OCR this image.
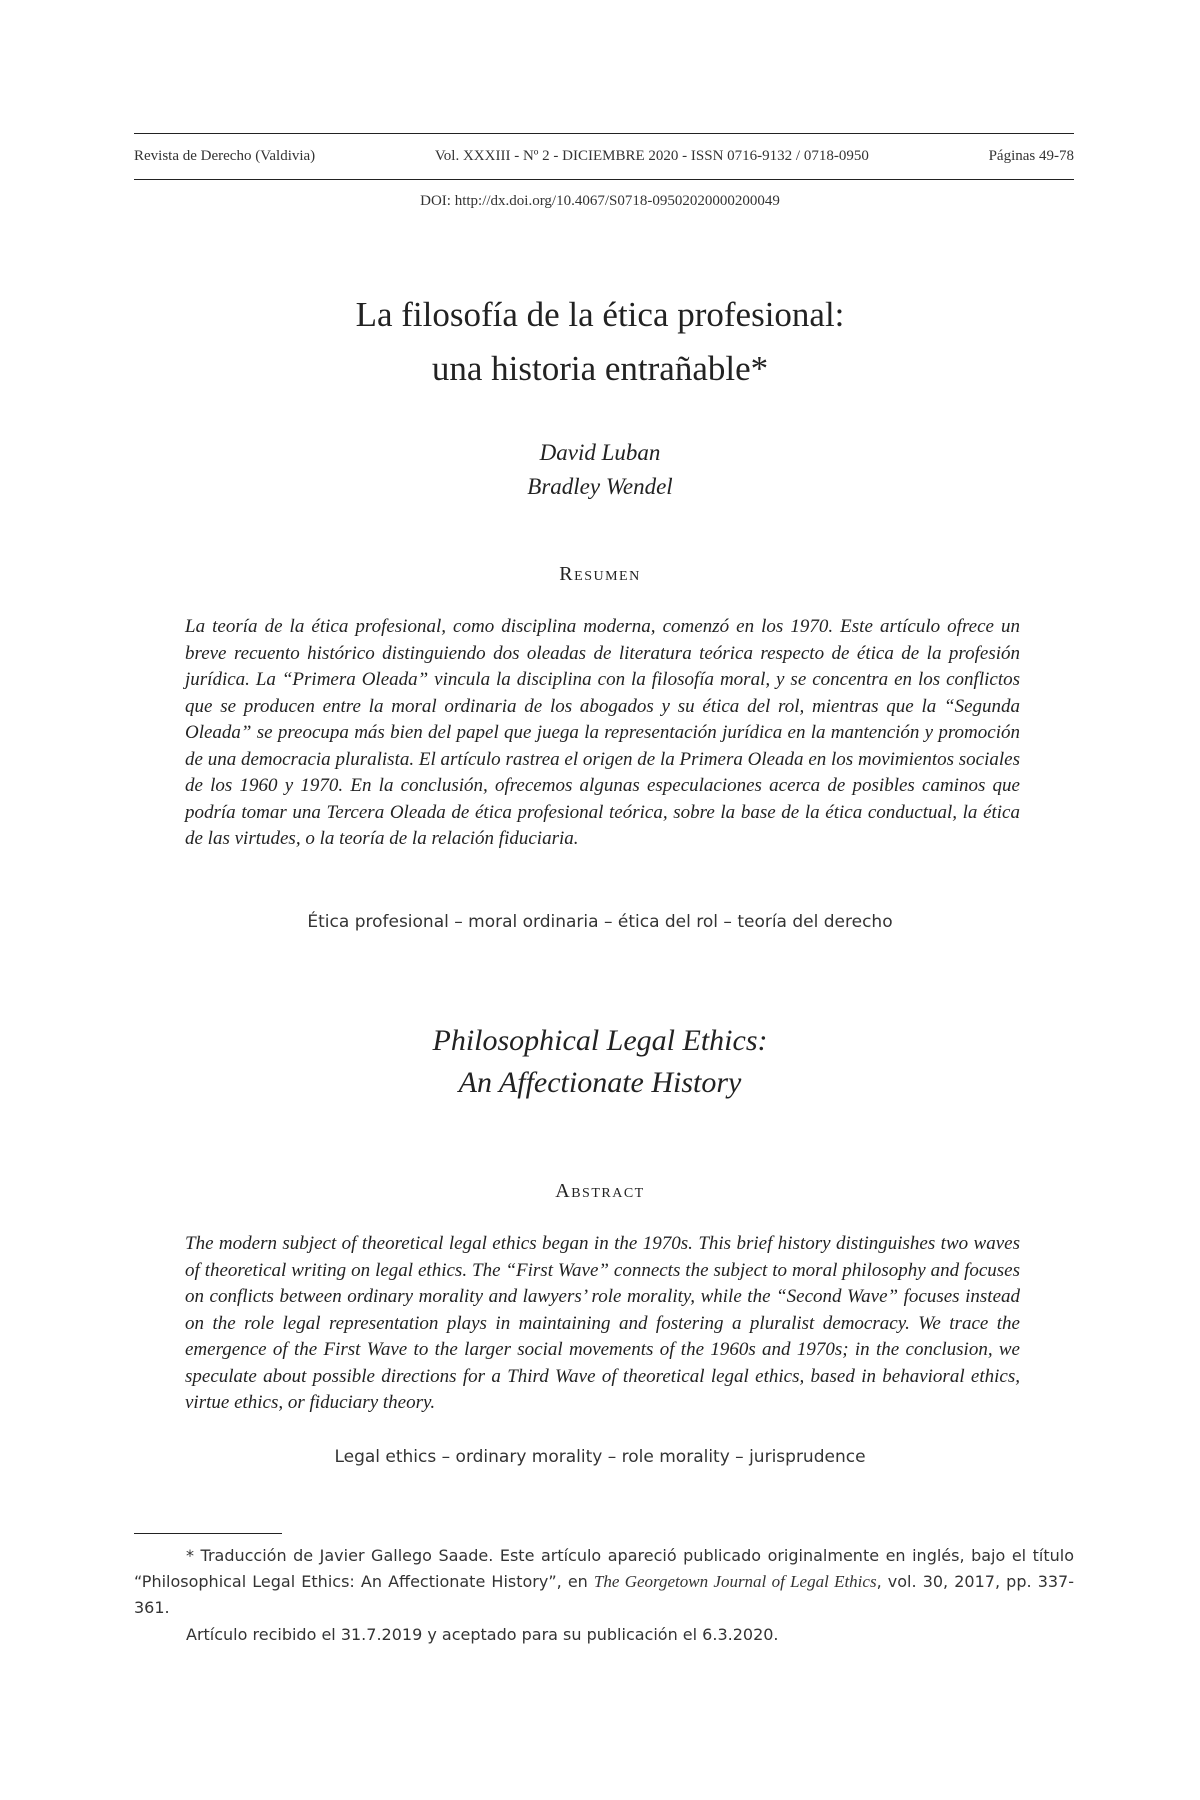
Revista de Derecho (Valdivia)	Vol. XXXIII - Nº 2 - DICIEMBRE 2020 - ISSN 0716-9132 / 0718-0950	Páginas 49-78
DOI: http://dx.doi.org/10.4067/S0718-09502020000200049
La filosofía de la ética profesional:
una historia entrañable*
David Luban
Bradley Wendel
Resumen

La teoría de la ética profesional, como disciplina moderna, comenzó en los 1970. Este artículo ofrece un breve recuento histórico distinguiendo dos oleadas de literatura teórica respecto de ética de la profesión jurídica. La “Primera Oleada” vincula la disciplina con la filosofía moral, y se concentra en los conflictos que se producen entre la moral ordinaria de los abogados y su ética del rol, mientras que la “Segunda Oleada” se preocupa más bien del papel que juega la representación jurídica en la mantención y promoción de una democracia pluralista. El artículo rastrea el origen de la Primera Oleada en los movimientos sociales de los 1960 y 1970. En la conclusión, ofrecemos algunas especulaciones acerca de posibles caminos que podría tomar una Tercera Oleada de ética profesional teórica, sobre la base de la ética conductual, la ética de las virtudes, o la teoría de la relación fiduciaria.

Ética profesional – moral ordinaria – ética del rol – teoría del derecho
Philosophical Legal Ethics:
An Affectionate History
Abstract

The modern subject of theoretical legal ethics began in the 1970s. This brief history distinguishes two waves of theoretical writing on legal ethics. The “First Wave” connects the subject to moral philosophy and focuses on conflicts between ordinary morality and lawyers’ role morality, while the “Second Wave” focuses instead on the role legal representation plays in maintaining and fostering a pluralist democracy. We trace the emergence of the First Wave to the larger social movements of the 1960s and 1970s; in the conclusion, we speculate about possible directions for a Third Wave of theoretical legal ethics, based in behavioral ethics, virtue ethics, or fiduciary theory.

Legal ethics – ordinary morality – role morality – jurisprudence

* Traducción de Javier Gallego Saade. Este artículo apareció publicado originalmente en inglés, bajo el título “Philosophical Legal Ethics: An Affectionate History”, en The Georgetown Journal of Legal Ethics, vol. 30, 2017, pp. 337-361.

Artículo recibido el 31.7.2019 y aceptado para su publicación el 6.3.2020.
